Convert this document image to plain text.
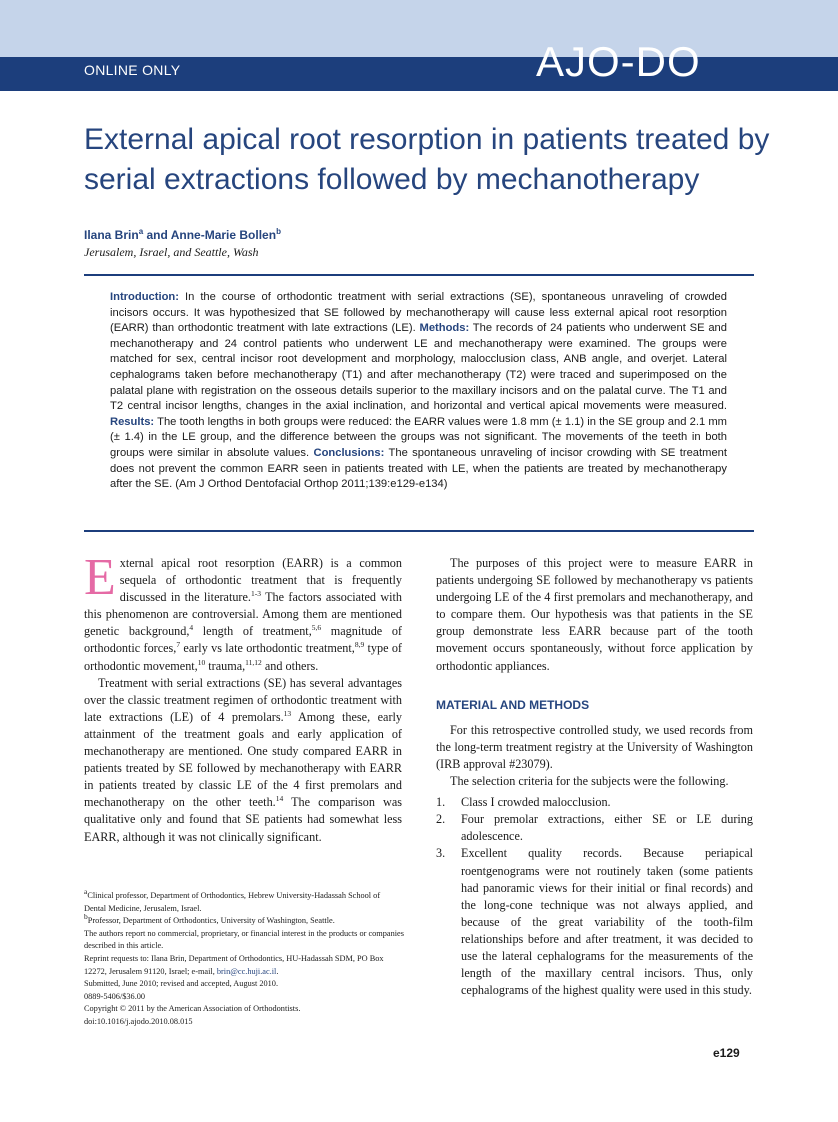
ONLINE ONLY	AJO-DO
External apical root resorption in patients treated by serial extractions followed by mechanotherapy
Ilana Brin$^a$ and Anne-Marie Bollen$^b$
Jerusalem, Israel, and Seattle, Wash
Introduction: In the course of orthodontic treatment with serial extractions (SE), spontaneous unraveling of crowded incisors occurs. It was hypothesized that SE followed by mechanotherapy will cause less external apical root resorption (EARR) than orthodontic treatment with late extractions (LE). Methods: The records of 24 patients who underwent SE and mechanotherapy and 24 control patients who underwent LE and mechanotherapy were examined. The groups were matched for sex, central incisor root development and morphology, malocclusion class, ANB angle, and overjet. Lateral cephalograms taken before mechanotherapy (T1) and after mechanotherapy (T2) were traced and superimposed on the palatal plane with registration on the osseous details superior to the maxillary incisors and on the palatal curve. The T1 and T2 central incisor lengths, changes in the axial inclination, and horizontal and vertical apical movements were measured. Results: The tooth lengths in both groups were reduced: the EARR values were 1.8 mm (± 1.1) in the SE group and 2.1 mm (± 1.4) in the LE group, and the difference between the groups was not significant. The movements of the teeth in both groups were similar in absolute values. Conclusions: The spontaneous unraveling of incisor crowding with SE treatment does not prevent the common EARR seen in patients treated with LE, when the patients are treated by mechanotherapy after the SE. (Am J Orthod Dentofacial Orthop 2011;139:e129-e134)

External apical root resorption (EARR) is a common sequela of orthodontic treatment that is frequently discussed in the literature.$^{1-3}$ The factors associated with this phenomenon are controversial. Among them are mentioned genetic background,$^4$ length of treatment,$^{5,6}$ magnitude of orthodontic forces,$^7$ early vs late orthodontic treatment,$^{8,9}$ type of orthodontic movement,$^{10}$ trauma,$^{11,12}$ and others.

Treatment with serial extractions (SE) has several advantages over the classic treatment regimen of orthodontic treatment with late extractions (LE) of 4 premolars.$^{13}$ Among these, early attainment of the treatment goals and early application of mechanotherapy are mentioned. One study compared EARR in patients treated by SE followed by mechanotherapy with EARR in patients treated by classic LE of the 4 first premolars and mechanotherapy on the other teeth.$^{14}$ The comparison was qualitative only and found that SE patients had somewhat less EARR, although it was not clinically significant.

$^a$Clinical professor, Department of Orthodontics, Hebrew University-Hadassah School of Dental Medicine, Jerusalem, Israel.
$^b$Professor, Department of Orthodontics, University of Washington, Seattle.
The authors report no commercial, proprietary, or financial interest in the products or companies described in this article.
Reprint requests to: Ilana Brin, Department of Orthodontics, HU-Hadassah SDM, PO Box 12272, Jerusalem 91120, Israel; e-mail, brin@cc.huji.ac.il.
Submitted, June 2010; revised and accepted, August 2010.
0889-5406/$36.00
Copyright © 2011 by the American Association of Orthodontists.
doi:10.1016/j.ajodo.2010.08.015

The purposes of this project were to measure EARR in patients undergoing SE followed by mechanotherapy vs patients undergoing LE of the 4 first premolars and mechanotherapy, and to compare them. Our hypothesis was that patients in the SE group demonstrate less EARR because part of the tooth movement occurs spontaneously, without force application by orthodontic appliances.

MATERIAL AND METHODS

For this retrospective controlled study, we used records from the long-term treatment registry at the University of Washington (IRB approval #23079).

The selection criteria for the subjects were the following.

1. Class I crowded malocclusion.
2. Four premolar extractions, either SE or LE during adolescence.
3. Excellent quality records. Because periapical roentgenograms were not routinely taken (some patients had panoramic views for their initial or final records) and the long-cone technique was not always applied, and because of the great variability of the tooth-film relationships before and after treatment, it was decided to use the lateral cephalograms for the measurements of the length of the maxillary central incisors. Thus, only cephalograms of the highest quality were used in this study.
e129
